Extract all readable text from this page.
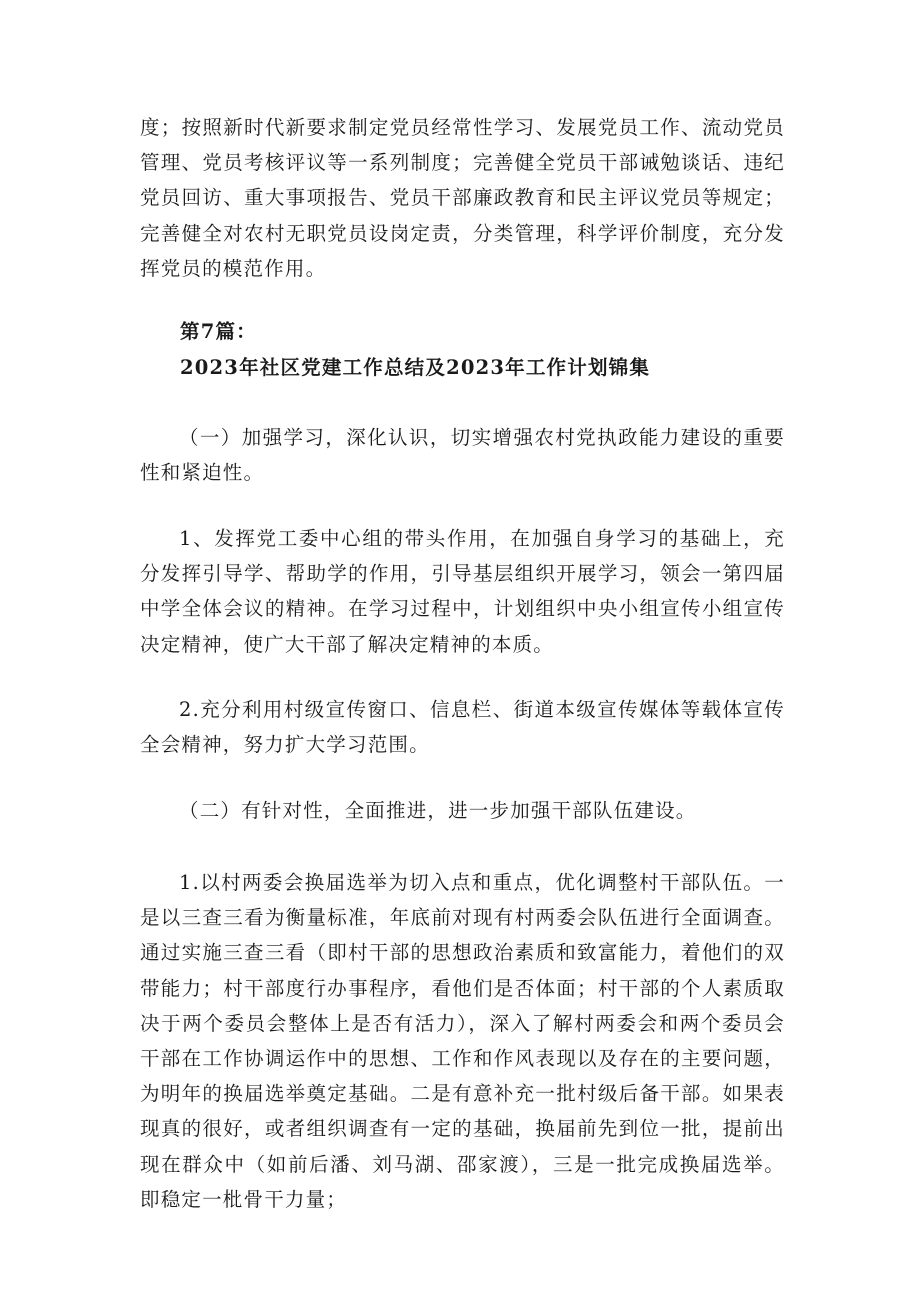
度；按照新时代新要求制定党员经常性学习、发展党员工作、流动党员管理、党员考核评议等一系列制度；完善健全党员干部诫勉谈话、违纪党员回访、重大事项报告、党员干部廉政教育和民主评议党员等规定；完善健全对农村无职党员设岗定责，分类管理，科学评价制度，充分发挥党员的模范作用。

第7篇：

2023年社区党建工作总结及2023年工作计划锦集

（一）加强学习，深化认识，切实增强农村党执政能力建设的重要性和紧迫性。

1、发挥党工委中心组的带头作用，在加强自身学习的基础上，充分发挥引导学、帮助学的作用，引导基层组织开展学习，领会一第四届中学全体会议的精神。在学习过程中，计划组织中央小组宣传小组宣传决定精神，使广大干部了解决定精神的本质。

2.充分利用村级宣传窗口、信息栏、街道本级宣传媒体等载体宣传全会精神，努力扩大学习范围。

（二）有针对性，全面推进，进一步加强干部队伍建设。

1.以村两委会换届选举为切入点和重点，优化调整村干部队伍。一是以三查三看为衡量标准，年底前对现有村两委会队伍进行全面调查。通过实施三查三看（即村干部的思想政治素质和致富能力，着他们的双带能力；村干部度行办事程序，看他们是否体面；村干部的个人素质取决于两个委员会整体上是否有活力），深入了解村两委会和两个委员会干部在工作协调运作中的思想、工作和作风表现以及存在的主要问题，为明年的换届选举奠定基础。二是有意补充一批村级后备干部。如果表现真的很好，或者组织调查有一定的基础，换届前先到位一批，提前出现在群众中（如前后潘、刘马湖、邵家渡），三是一批完成换届选举。即稳定一枇骨干力量；
